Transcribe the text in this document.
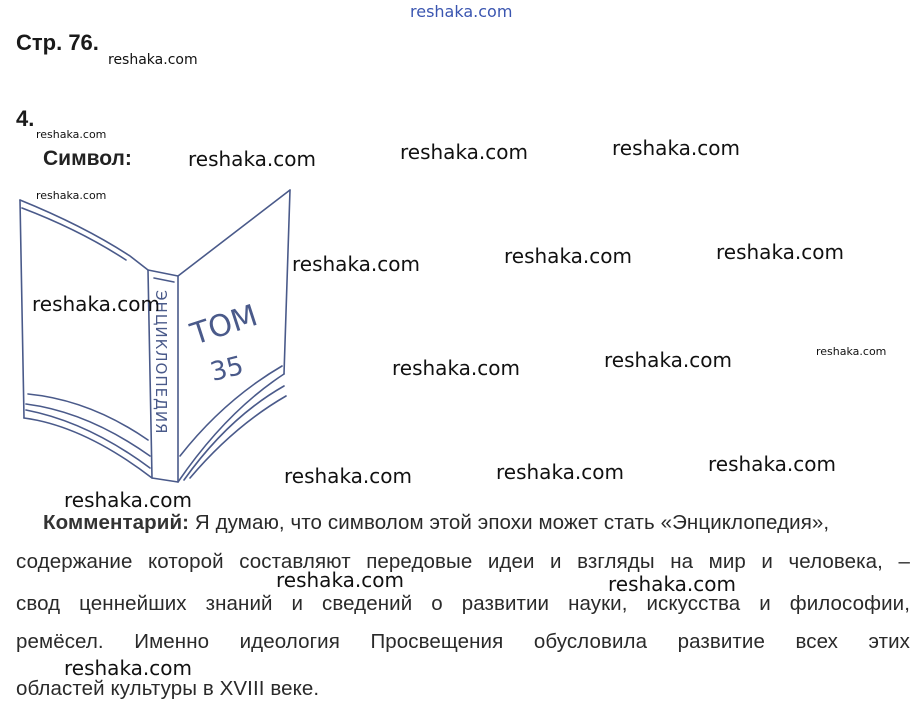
reshaka.com
Стр. 76.
4.
Символ:
reshaka.com
reshaka.com
reshaka.com
reshaka.com	reshaka.com	reshaka.com
reshaka.com	reshaka.com	reshaka.com
reshaka.com	reshaka.com	reshaka.com
reshaka.com	reshaka.com	reshaka.com
ЭНЦИКЛОПЕДИЯ ТОМ
35
reshaka.com
reshaka.com
Комментарий: Я думаю, что символом этой эпохи может стать «Энциклопедия»,
содержание которой составляют передовые идеи и взгляды на мир и человека, –
свод ценнейших знаний и сведений о развитии науки, искусства и философии,
ремёсел. Именно идеология Просвещения обусловила развитие всех этих
областей культуры в XVIII веке.
reshaka.com	reshaka.com
reshaka.com
